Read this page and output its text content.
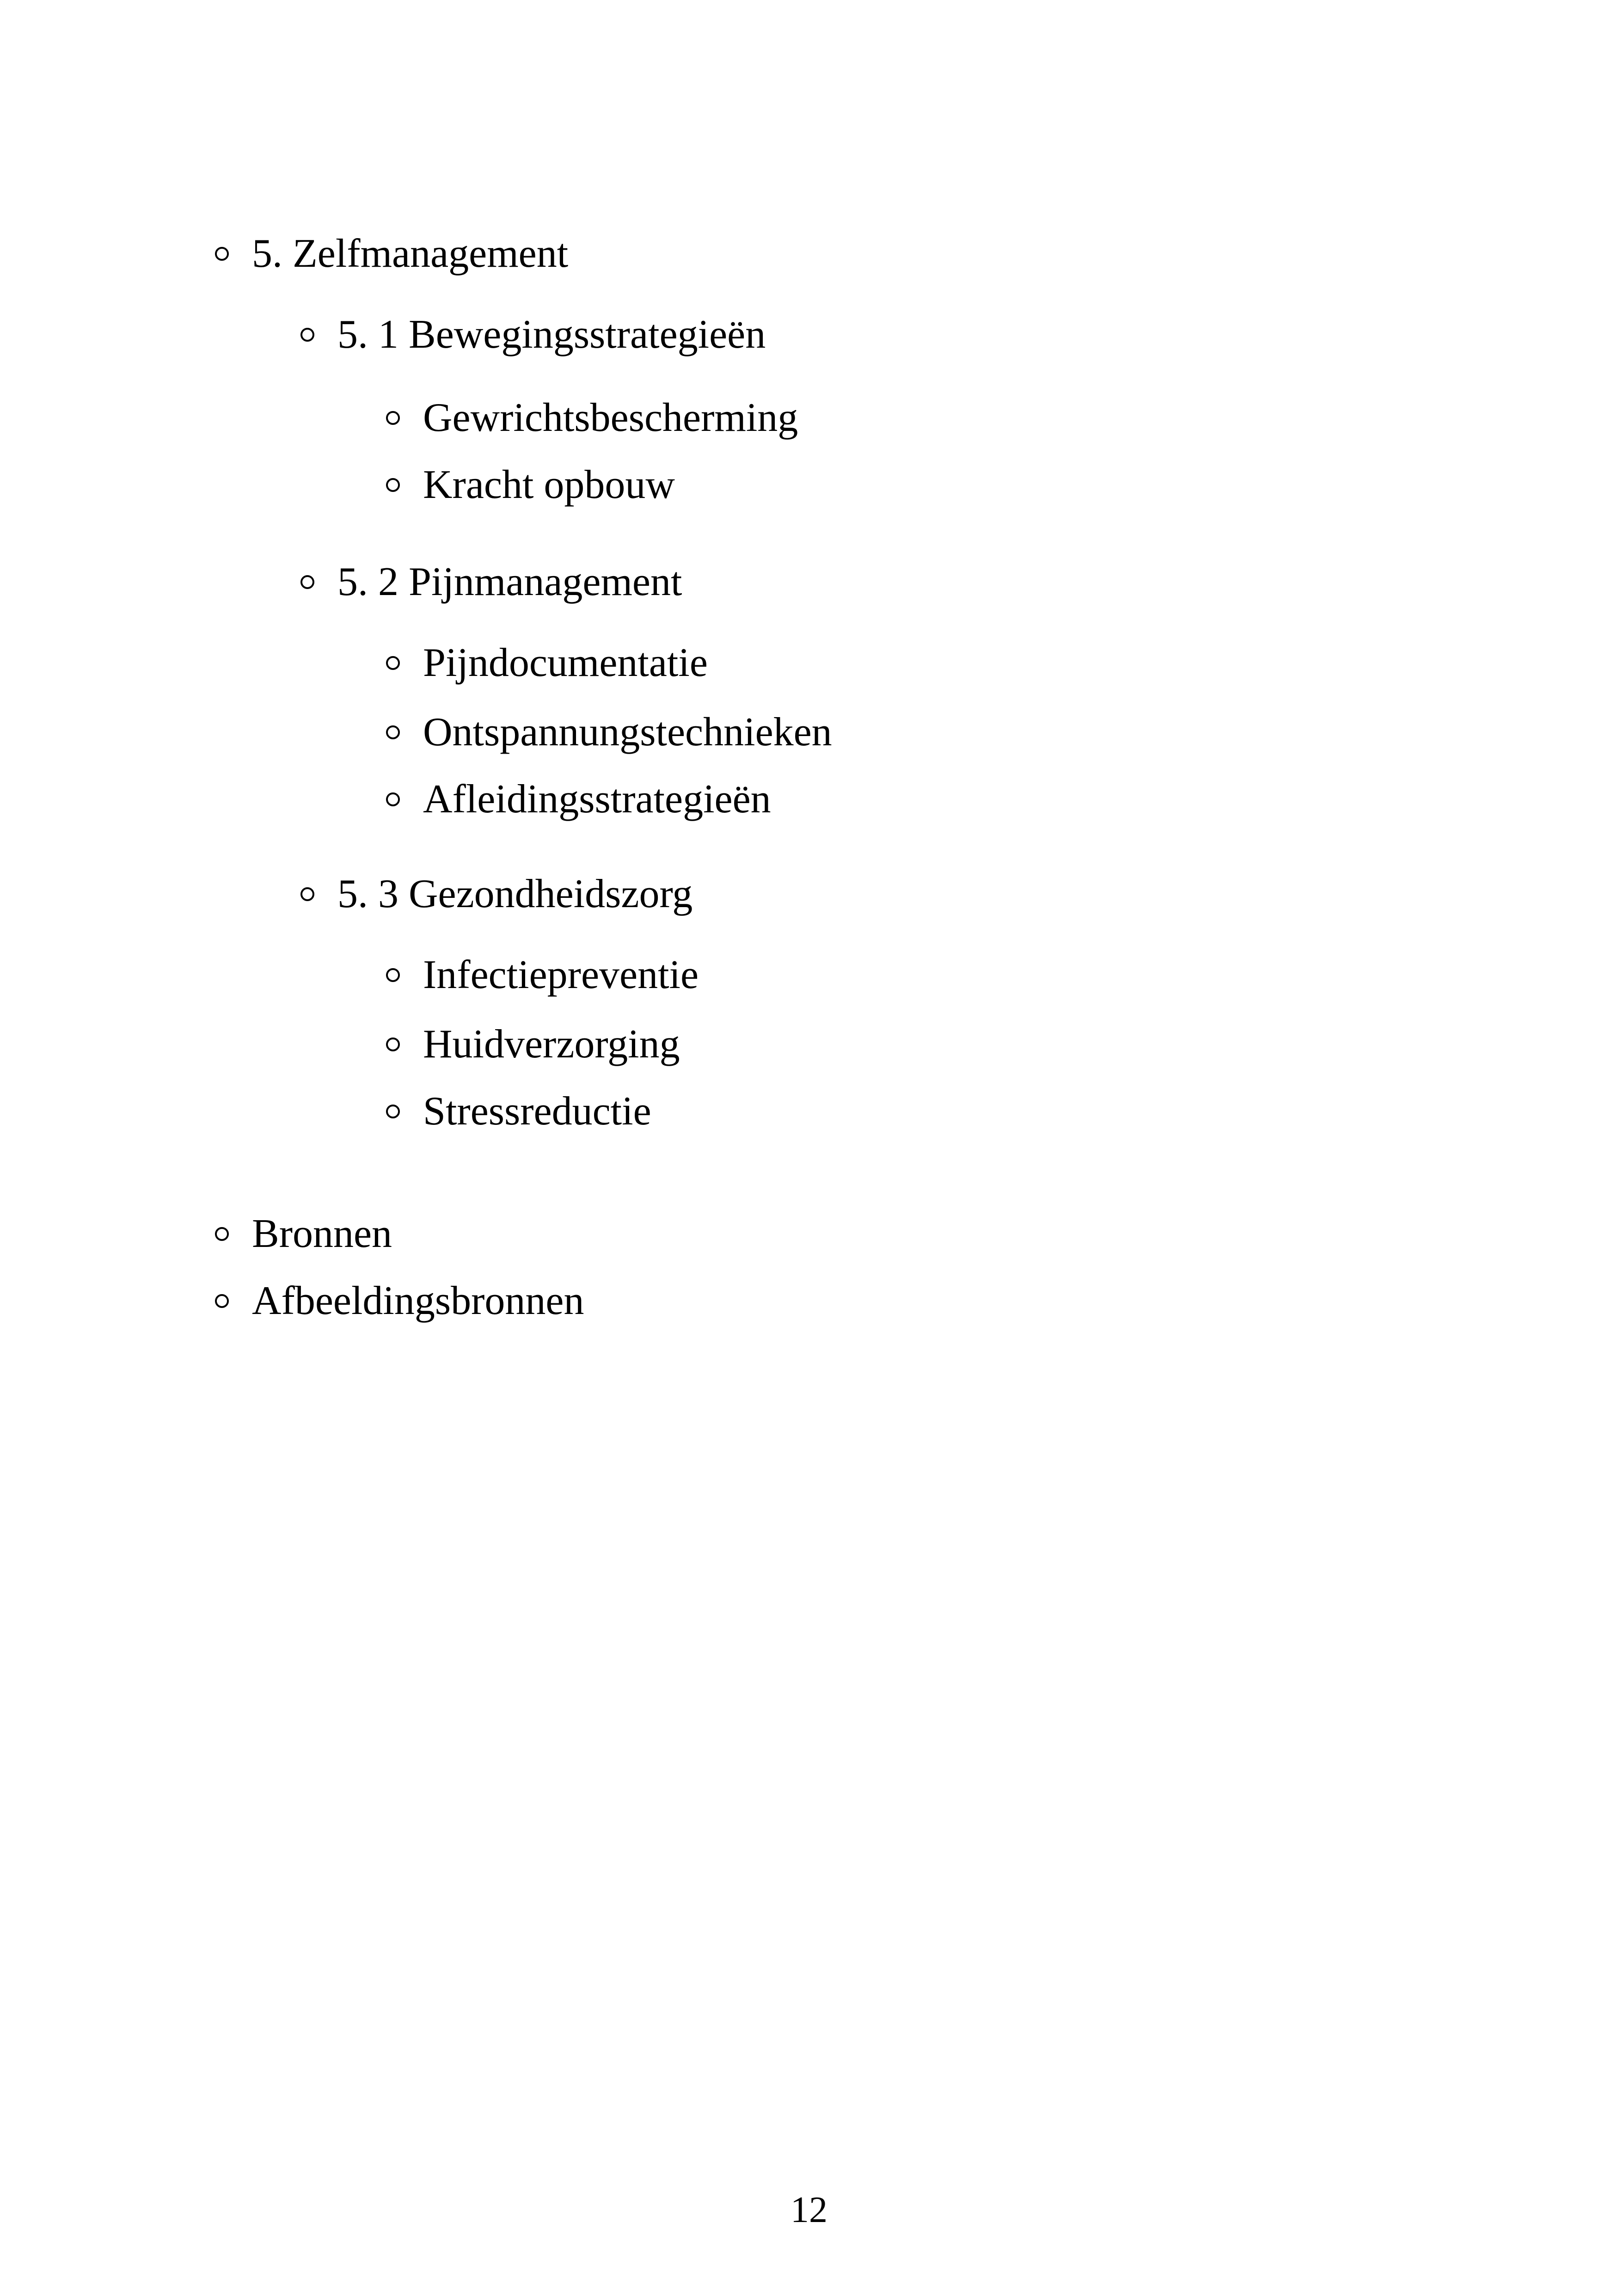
5. Zelfmanagement
5. 1 Bewegingsstrategieën
Gewrichtsbescherming
Kracht opbouw
5. 2 Pijnmanagement
Pijndocumentatie
Ontspannungstechnieken
Afleidingsstrategieën
5. 3 Gezondheidszorg
Infectiepreventie
Huidverzorging
Stressreductie
Bronnen
Afbeeldingsbronnen
12
